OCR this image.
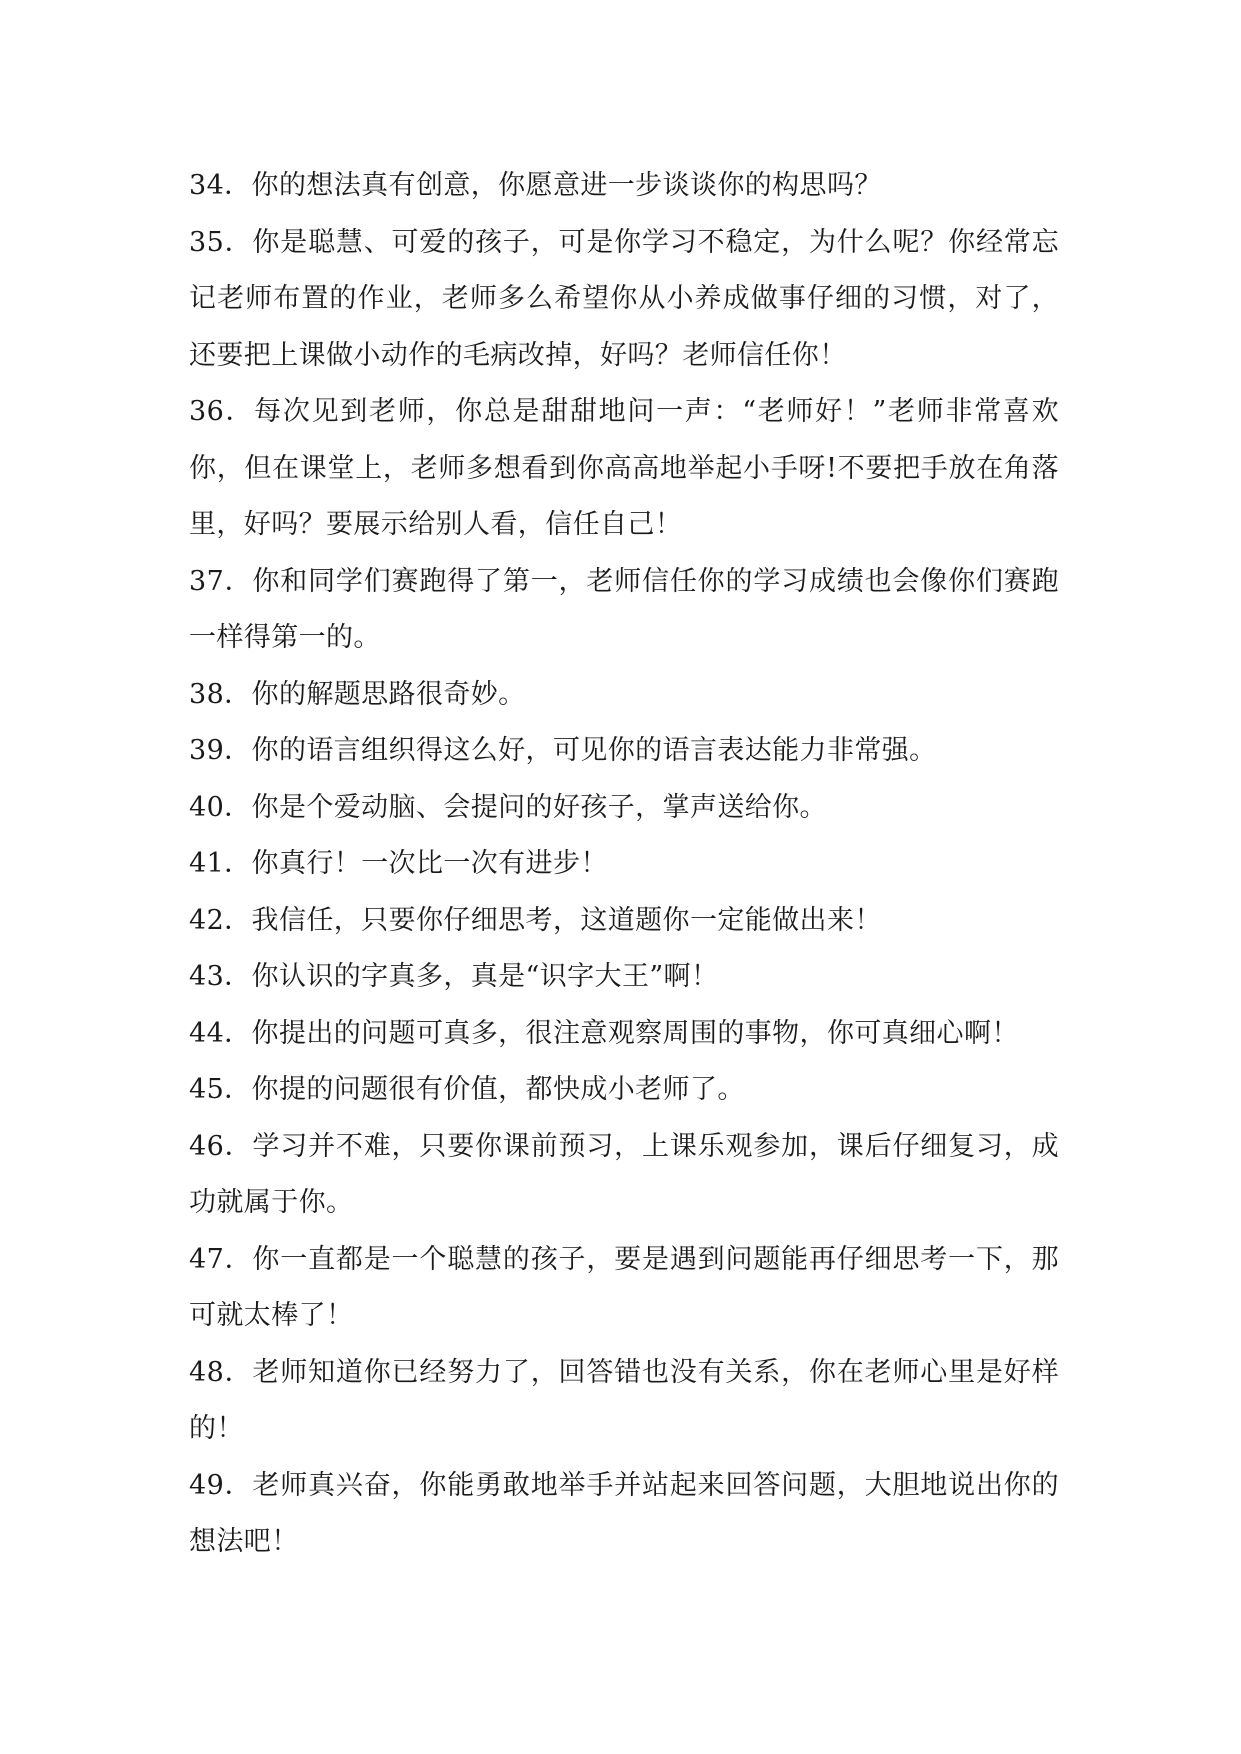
34．你的想法真有创意，你愿意进一步谈谈你的构思吗？

35．你是聪慧、可爱的孩子，可是你学习不稳定，为什么呢？你经常忘记老师布置的作业，老师多么希望你从小养成做事仔细的习惯，对了，还要把上课做小动作的毛病改掉，好吗？老师信任你！

36．每次见到老师，你总是甜甜地问一声：“老师好！”老师非常喜欢你，但在课堂上，老师多想看到你高高地举起小手呀!不要把手放在角落里，好吗？要展示给别人看，信任自己！

37．你和同学们赛跑得了第一，老师信任你的学习成绩也会像你们赛跑一样得第一的。

38．你的解题思路很奇妙。

39．你的语言组织得这么好，可见你的语言表达能力非常强。

40．你是个爱动脑、会提问的好孩子，掌声送给你。

41．你真行！一次比一次有进步！

42．我信任，只要你仔细思考，这道题你一定能做出来！

43．你认识的字真多，真是“识字大王”啊！

44．你提出的问题可真多，很注意观察周围的事物，你可真细心啊！

45．你提的问题很有价值，都快成小老师了。

46．学习并不难，只要你课前预习，上课乐观参加，课后仔细复习，成功就属于你。

47．你一直都是一个聪慧的孩子，要是遇到问题能再仔细思考一下，那可就太棒了！

48．老师知道你已经努力了，回答错也没有关系，你在老师心里是好样的！

49．老师真兴奋，你能勇敢地举手并站起来回答问题，大胆地说出你的想法吧！
